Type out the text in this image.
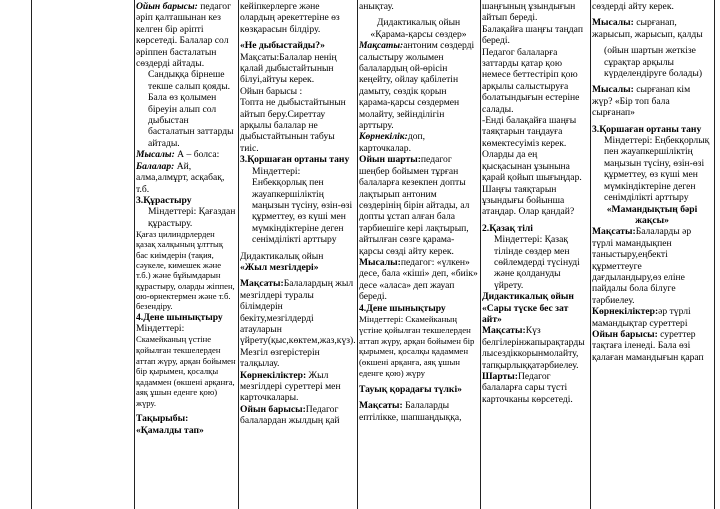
Ойын барысы: педагог

әріп қалташынан кез келген бір әріпті көрсетеді. Балалар сол әріппен басталатын сөздерді айтады.

Сандыққа бірнеше текше салып қояды. Бала өз қолымен біреуін алып сол дыбыстан басталатын заттарды айтады.

Мысалы: А – болса:

Балалар: Ай, алма,алмұрт, асқабақ, т.б.

3.Құрастыру

Міндеттері: Қағаздан құрастыру.

Қағаз цилиндрлерден қазақ халқының ұлттық бас киімдерін (тақия, сәукеле, кимешек және т.б.) және бұйымдарын құрастыру, оларды жіппен, ою-өрнектермен және т.б. безендіру.

4.Дене шынықтыру

Міндеттері:

Скамейканың үстіне қойылған текшелерден аттап жүру, арқан бойымен бір қырымен, қосалқы қадаммен (өкшені арқанға, аяқ ұшын еденге қою) жүру.

Тақырыбы:

«Қамалды тап»

кейіпкерлерге және олардың әрекеттеріне өз көзқарасын білдіру.

«Не дыбыстайды?»

Мақсаты:Балалар ненің қалай дыбыстайтынын білуі,айтуы керек.

Ойын барысы :

Топта не дыбыстайтынын айтып беру.Сиреттау арқылы балалар не дыбыстайтынын табуы тиіс.

3.Қоршаған ортаны тану

Міндеттері: Енбекқорлық пен жауапкершіліктің маңызын түсіну, өзін-өзі құрметтеу, өз күші мен мүмкіндіктеріне деген сенімділікті арттыру

Дидактикалық ойын

«Жыл мезгілдері»

Мақсаты:Балалардың жыл мезгілдері туралы білімдерін бекіту,мезгілдерді атауларын үйрету(қыс,көктем,жаз,күз). Мезгіл өзгерістерін талқылау.

Көрнекіліктер: Жыл мезгілдері суреттері мен карточкалары.

Ойын барысы:Педагог балалардан жылдың қай

анықтау.

Дидактикалық ойын «Қарама-қарсы сөздер»

Мақсаты:антоним сөздерді салыстыру жолымен балалардың ой-өрісін кеңейту, ойлау қабілетін дамыту, сөздік қорын қарама-қарсы сөздермен молайту, зейінділігін арттыру.

Көрнекілік:доп, карточкалар.

Ойын шарты:педагог шеңбер бойымен тұрған балаларға кезекпен допты лақтырып антоним сөздерінің бірін айтады, ал допты ұстап алған бала тәрбиешіге кері лақтырып, айтылған сөзге қарама-қарсы сөзді айту керек.

Мысалы:педагог: «үлкен» десе, бала «кіші» деп, «биік» десе «аласа» деп жауап береді.

4.Дене шынықтыру

Міндеттері: Скамейканың үстіне қойылған текшелерден аттап жүру, арқан бойымен бір қырымен, қосалқы қадаммен (өкшені арқанға, аяқ ұшын еденге қою) жүру

Тауық қорадағы түлкі»

Мақсаты: Балаларды ептілікке, шапшаңдыққа,

шаңғының ұзындығын айтып береді.

Балақайға шаңғы таңдап береді.

Педагог балаларға заттарды қатар қою немесе беттестіріп қою арқылы салыстыруға болатындығын естеріне салады.

-Енді балақайға шаңғы таяқтарын таңдауға көмектесуіміз керек. Оларды да ең қысқасынан ұзынына қарай қойып шығыңдар. Шаңғы таяқтарын ұзындығы бойынша атаңдар. Олар қандай?

2.Қазақ тілі

Міндеттері: Қазақ тілінде сөздер мен сөйлемдерді түсінуді және қолдануды үйрету.

Дидактикалық ойын «Сары түске бес зат айт»

Мақсаты:Күз белгілерінжапырақтарды лысездіккорынмолайту, тапқырлыққатәрбиелеу.

Шарты:Педагог балаларға сары түсті карточканы көрсетеді.

сөздерді айту керек.

Мысалы: сырғанап, жарысып, жарысып, қалды

(ойын шартын жеткізе сұрақтар арқылы күрделендіруге болады)

Мысалы: сырғанап кім жүр? «Бір топ бала сырғанап»

3.Қоршаған ортаны тану

Міндеттері: Еңбекқорлық пен жауапкершіліктің маңызын түсіну, өзін-өзі құрметтеу, өз күші мен мүмкіндіктеріне деген сенімділікті арттыру

«Мамандықтың бәрі жақсы»

Мақсаты:Балаларды әр түрлі мамандықпен таныстыру,еңбекті құрметтеуге дағдыландыру,өз еліне пайдалы бола білуге тәрбиелеу.

Көрнекіліктер:әр түрлі мамандықтар суреттері

Ойын барысы: суреттер тақтаға іленеді. Бала өзі қалаған мамандығын қарап
